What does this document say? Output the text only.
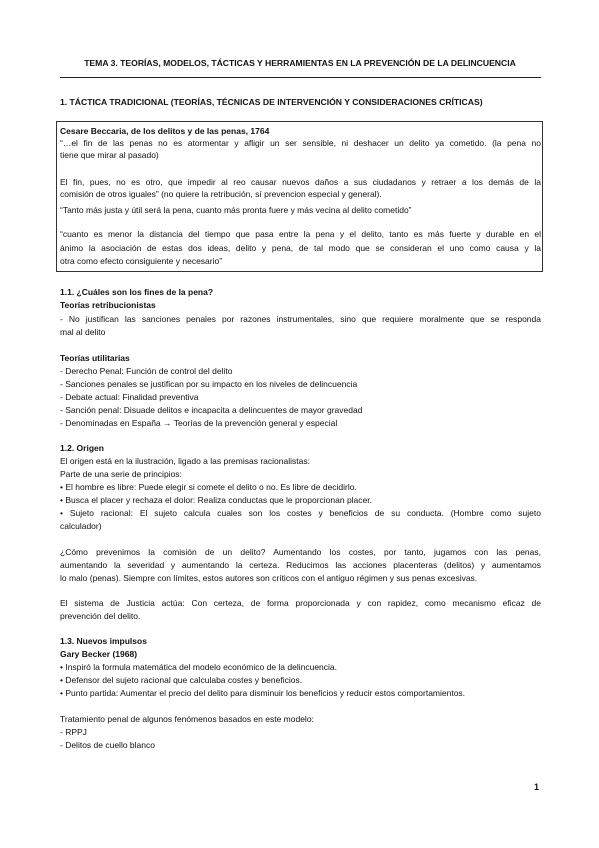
TEMA 3. TEORÍAS, MODELOS, TÁCTICAS Y HERRAMIENTAS EN LA PREVENCIÓN DE LA DELINCUENCIA
1. TÁCTICA TRADICIONAL (TEORÍAS, TÉCNICAS DE INTERVENCIÓN Y CONSIDERACIONES CRÍTICAS)
Cesare Beccaria, de los delitos y de las penas, 1764
“…el fin de las penas no es atormentar y afligir un ser sensible, ni deshacer un delito ya cometido. (la pena no
tiene que mirar al pasado)
El fin, pues, no es otro, que impedir al reo causar nuevos daños a sus ciudadanos y retraer a los demás de la
comisión de otros iguales” (no quiere la retribución, sí prevencion especial y general).
“Tanto más justa y útil será la pena, cuanto más pronta fuere y más vecina al delito cometido”
“cuanto es menor la distancia del tiempo que pasa entre la pena y el delito, tanto es más fuerte y durable en el
ánimo la asociación de estas dos ideas, delito y pena, de tal modo que se consideran el uno como causa y la
otra como efecto consiguiente y necesario”
1.1. ¿Cuáles son los fines de la pena?
Teorías retribucionistas
- No justifican las sanciones penales por razones instrumentales, sino que requiere moralmente que se responda
mal al delito
Teorías utilitarias
- Derecho Penal: Función de control del delito
- Sanciones penales se justifican por su impacto en los niveles de delincuencia
- Debate actual: Finalidad preventiva
- Sanción penal: Disuade delitos e incapacita a delincuentes de mayor gravedad
- Denominadas en España → Teorías de la prevención general y especial
1.2. Origen
El origen está en la ilustración, ligado a las premisas racionalistas:
Parte de una serie de principios:
• El hombre es libre: Puede elegir si comete el delito o no. Es libre de decidirlo.
• Busca el placer y rechaza el dolor: Realiza conductas que le proporcionan placer.
• Sujeto racional: El sujeto calcula cuales son los costes y beneficios de su conducta. (Hombre como sujeto
calculador)
¿Cómo prevenimos la comisión de un delito? Aumentando los costes, por tanto, jugamos con las penas,
aumentando la severidad y aumentando la certeza. Reducimos las acciones placenteras (delitos) y aumentamos
lo malo (penas). Siempre con límites, estos autores son críticos con el antiguo régimen y sus penas excesivas.
El sistema de Justicia actúa: Con certeza, de forma proporcionada y con rapidez, como mecanismo eficaz de
prevención del delito.
1.3. Nuevos impulsos
Gary Becker (1968)
• Inspiró la formula matemática del modelo económico de la delincuencia.
• Defensor del sujeto racional que calculaba costes y beneficios.
• Punto partida: Aumentar el precio del delito para disminuir los beneficios y reducir estos comportamientos.
Tratamiento penal de algunos fenómenos basados en este modelo:
- RPPJ
- Delitos de cuello blanco
1
